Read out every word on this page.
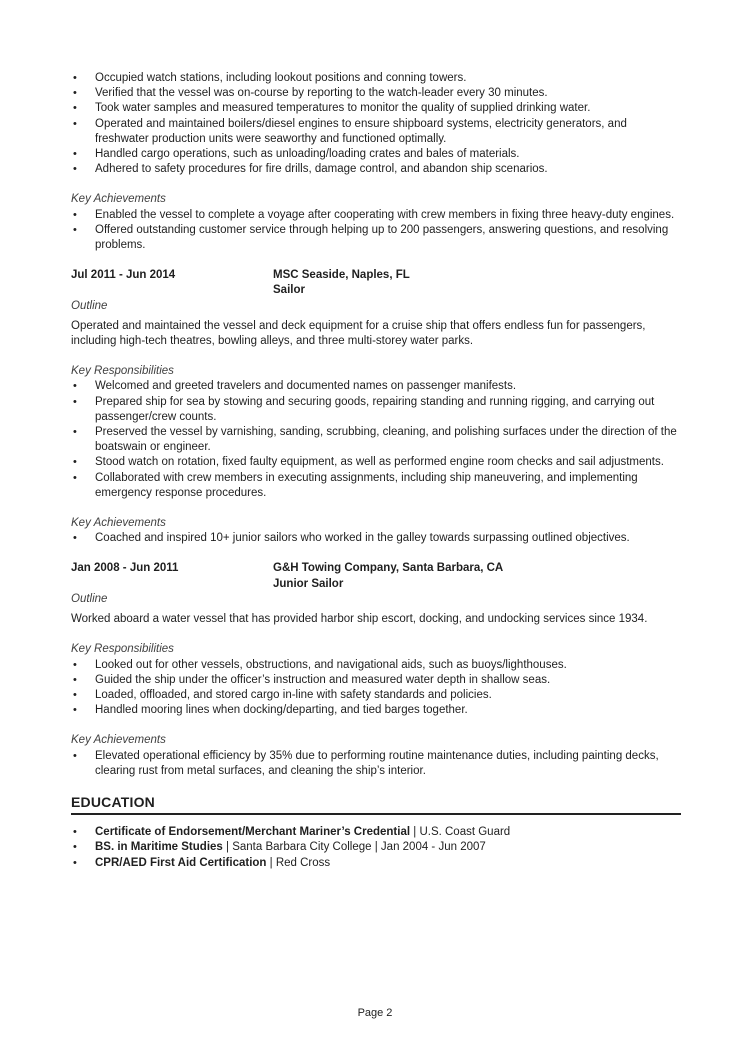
• Occupied watch stations, including lookout positions and conning towers.
• Verified that the vessel was on-course by reporting to the watch-leader every 30 minutes.
• Took water samples and measured temperatures to monitor the quality of supplied drinking water.
• Operated and maintained boilers/diesel engines to ensure shipboard systems, electricity generators, and freshwater production units were seaworthy and functioned optimally.
• Handled cargo operations, such as unloading/loading crates and bales of materials.
• Adhered to safety procedures for fire drills, damage control, and abandon ship scenarios.
Key Achievements
• Enabled the vessel to complete a voyage after cooperating with crew members in fixing three heavy-duty engines.
• Offered outstanding customer service through helping up to 200 passengers, answering questions, and resolving problems.
Jul 2011 - Jun 2014	MSC Seaside, Naples, FL
Sailor
Outline

Operated and maintained the vessel and deck equipment for a cruise ship that offers endless fun for passengers, including high-tech theatres, bowling alleys, and three multi-storey water parks.

Key Responsibilities
• Welcomed and greeted travelers and documented names on passenger manifests.
• Prepared ship for sea by stowing and securing goods, repairing standing and running rigging, and carrying out passenger/crew counts.
• Preserved the vessel by varnishing, sanding, scrubbing, cleaning, and polishing surfaces under the direction of the boatswain or engineer.
• Stood watch on rotation, fixed faulty equipment, as well as performed engine room checks and sail adjustments.
• Collaborated with crew members in executing assignments, including ship maneuvering, and implementing emergency response procedures.
Key Achievements
• Coached and inspired 10+ junior sailors who worked in the galley towards surpassing outlined objectives.
Jan 2008 - Jun 2011	G&H Towing Company, Santa Barbara, CA
Junior Sailor
Outline

Worked aboard a water vessel that has provided harbor ship escort, docking, and undocking services since 1934.

Key Responsibilities
• Looked out for other vessels, obstructions, and navigational aids, such as buoys/lighthouses.
• Guided the ship under the officer’s instruction and measured water depth in shallow seas.
• Loaded, offloaded, and stored cargo in-line with safety standards and policies.
• Handled mooring lines when docking/departing, and tied barges together.
Key Achievements
• Elevated operational efficiency by 35% due to performing routine maintenance duties, including painting decks, clearing rust from metal surfaces, and cleaning the ship’s interior.
EDUCATION
• Certificate of Endorsement/Merchant Mariner’s Credential | U.S. Coast Guard
• BS. in Maritime Studies | Santa Barbara City College | Jan 2004 - Jun 2007
• CPR/AED First Aid Certification | Red Cross
Page 2
